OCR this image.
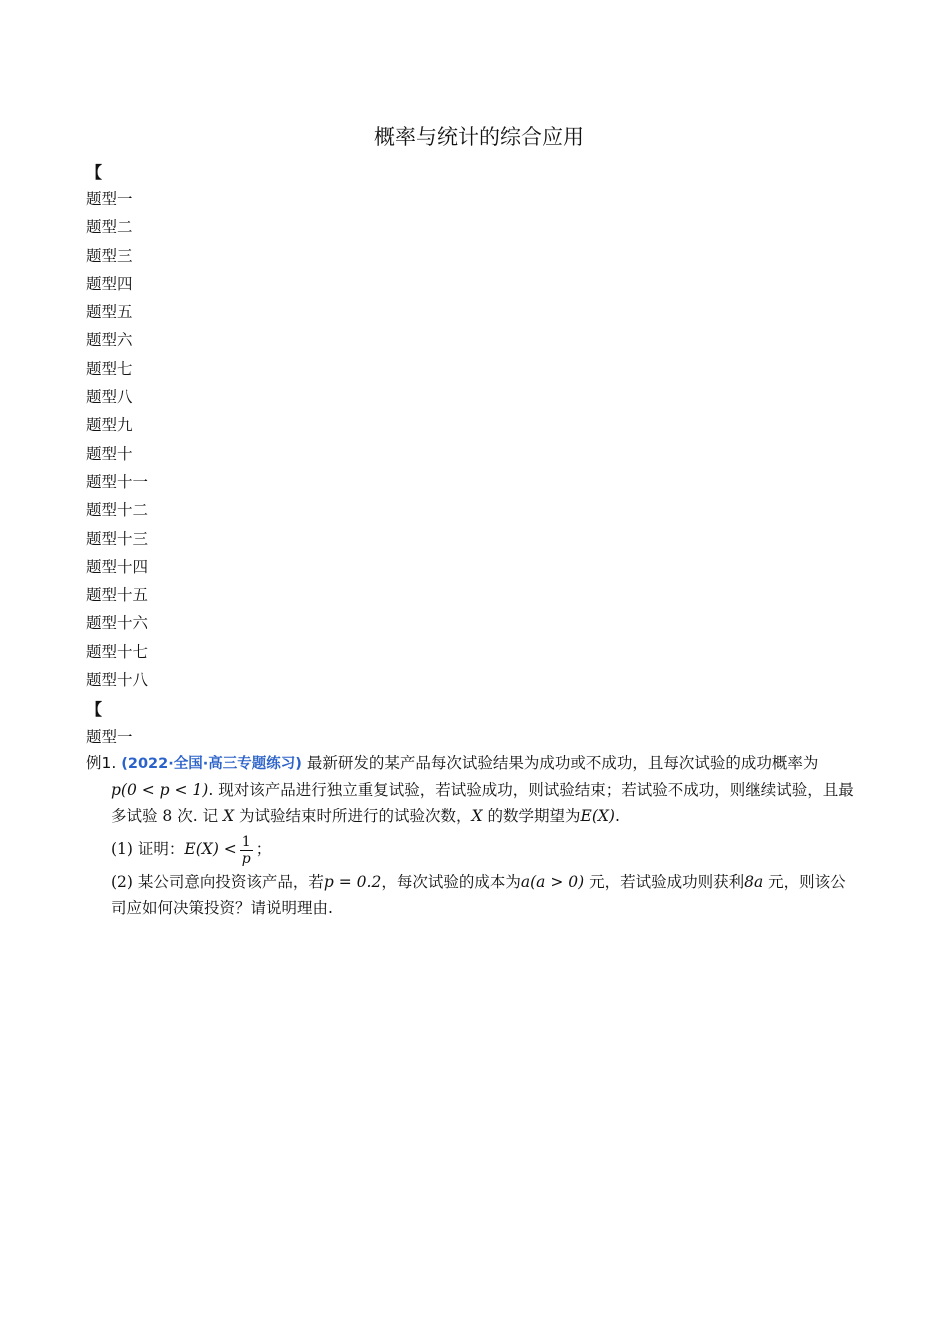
概率与统计的综合应用
【
题型一
题型二
题型三
题型四
题型五
题型六
题型七
题型八
题型九
题型十
题型十一
题型十二
题型十三
题型十四
题型十五
题型十六
题型十七
题型十八
【
题型一
例1. (2022·全国·高三专题练习) 最新研发的某产品每次试验结果为成功或不成功，且每次试验的成功概率为
p(0 < p < 1). 现对该产品进行独立重复试验，若试验成功，则试验结束；若试验不成功，则继续试验，且最
多试验 8 次. 记 X 为试验结束时所进行的试验次数，X 的数学期望为E(X).
(1) 证明：$E(X) < \frac{1}{p}$ ；
(2) 某公司意向投资该产品，若p = 0.2，每次试验的成本为a(a > 0) 元，若试验成功则获利8a 元，则该公
司应如何决策投资？请说明理由.
